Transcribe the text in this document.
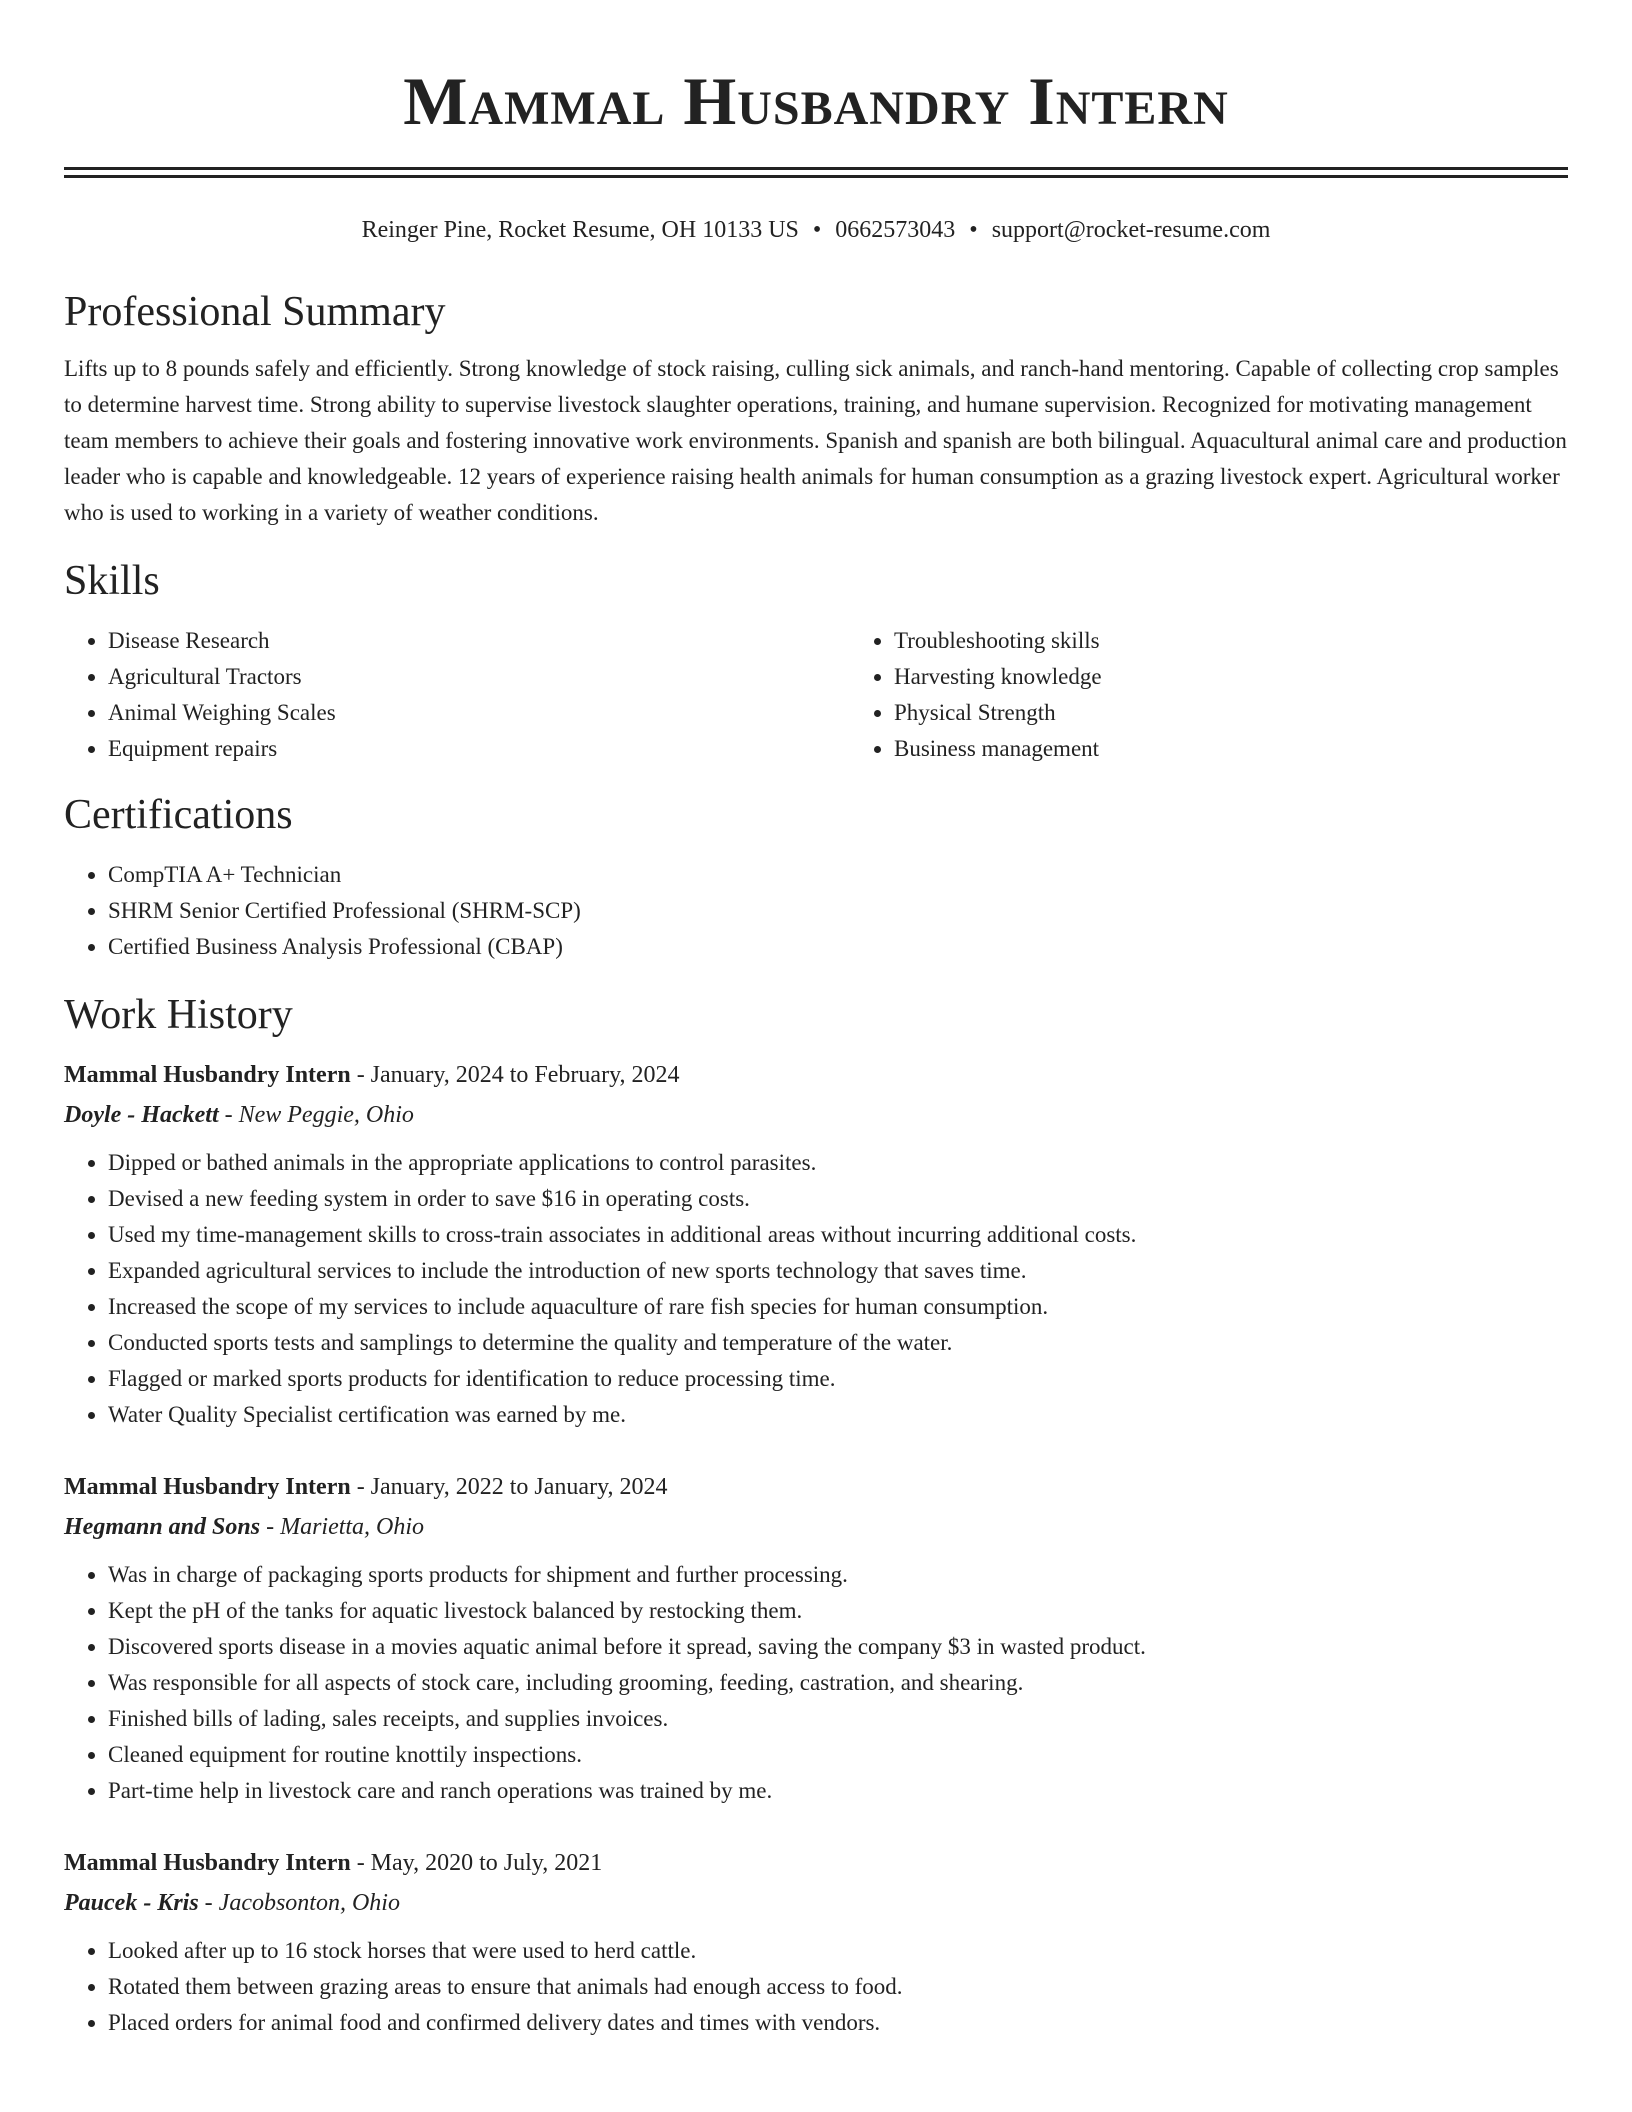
Mammal Husbandry Intern
Reinger Pine, Rocket Resume, OH 10133 US • 0662573043 • support@rocket-resume.com
Professional Summary

Lifts up to 8 pounds safely and efficiently. Strong knowledge of stock raising, culling sick animals, and ranch-hand mentoring. Capable of collecting crop samples to determine harvest time. Strong ability to supervise livestock slaughter operations, training, and humane supervision. Recognized for motivating management team members to achieve their goals and fostering innovative work environments. Spanish and spanish are both bilingual. Aquacultural animal care and production leader who is capable and knowledgeable. 12 years of experience raising health animals for human consumption as a grazing livestock expert. Agricultural worker who is used to working in a variety of weather conditions.

Skills
• Disease Research
• Agricultural Tractors
• Animal Weighing Scales
• Equipment repairs
• Troubleshooting skills
• Harvesting knowledge
• Physical Strength
• Business management
Certifications
• CompTIA A+ Technician
• SHRM Senior Certified Professional (SHRM-SCP)
• Certified Business Analysis Professional (CBAP)
Work History
Mammal Husbandry Intern - January, 2024 to February, 2024
Doyle - Hackett - New Peggie, Ohio
• Dipped or bathed animals in the appropriate applications to control parasites.
• Devised a new feeding system in order to save $16 in operating costs.
• Used my time-management skills to cross-train associates in additional areas without incurring additional costs.
• Expanded agricultural services to include the introduction of new sports technology that saves time.
• Increased the scope of my services to include aquaculture of rare fish species for human consumption.
• Conducted sports tests and samplings to determine the quality and temperature of the water.
• Flagged or marked sports products for identification to reduce processing time.
• Water Quality Specialist certification was earned by me.
Mammal Husbandry Intern - January, 2022 to January, 2024
Hegmann and Sons - Marietta, Ohio
• Was in charge of packaging sports products for shipment and further processing.
• Kept the pH of the tanks for aquatic livestock balanced by restocking them.
• Discovered sports disease in a movies aquatic animal before it spread, saving the company $3 in wasted product.
• Was responsible for all aspects of stock care, including grooming, feeding, castration, and shearing.
• Finished bills of lading, sales receipts, and supplies invoices.
• Cleaned equipment for routine knottily inspections.
• Part-time help in livestock care and ranch operations was trained by me.
Mammal Husbandry Intern - May, 2020 to July, 2021
Paucek - Kris - Jacobsonton, Ohio
• Looked after up to 16 stock horses that were used to herd cattle.
• Rotated them between grazing areas to ensure that animals had enough access to food.
• Placed orders for animal food and confirmed delivery dates and times with vendors.
